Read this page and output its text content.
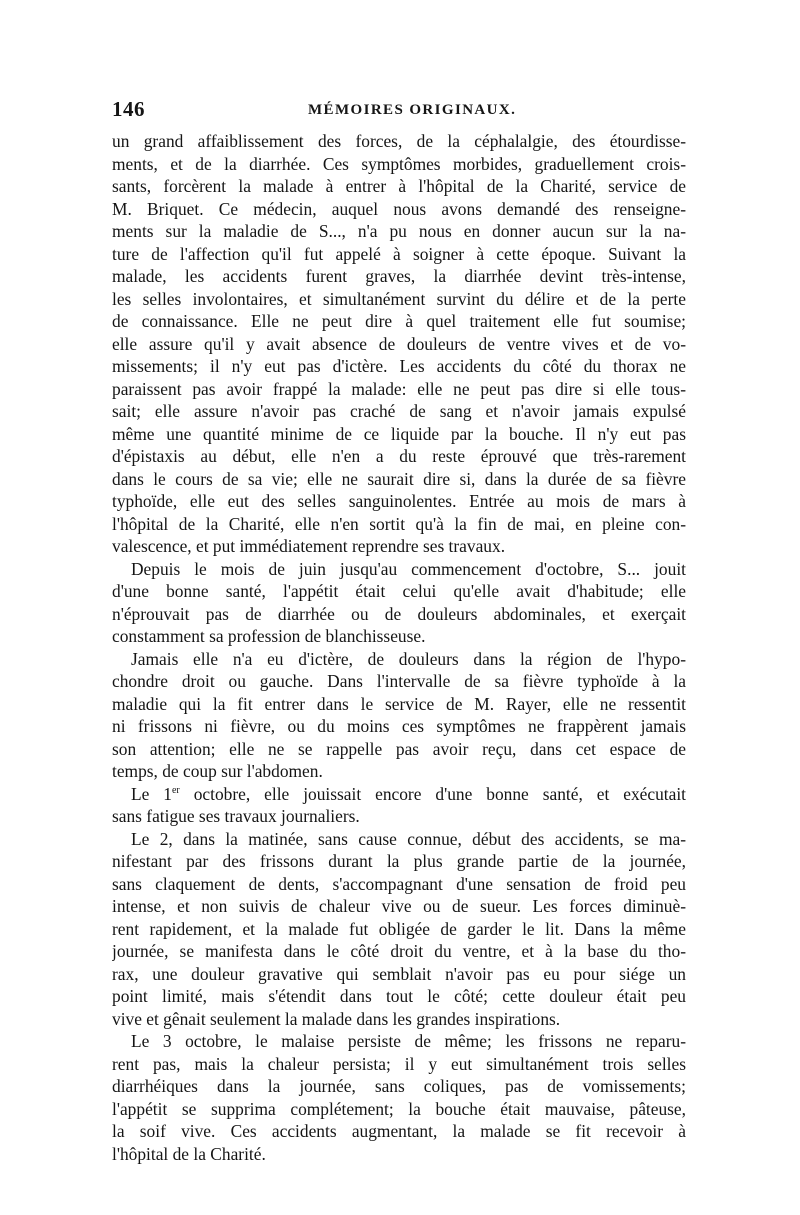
146	MÉMOIRES ORIGINAUX.

un grand affaiblissement des forces, de la céphalalgie, des étourdisse-
ments, et de la diarrhée. Ces symptômes morbides, graduellement crois-
sants, forcèrent la malade à entrer à l'hôpital de la Charité, service de
M. Briquet. Ce médecin, auquel nous avons demandé des renseigne-
ments sur la maladie de S..., n'a pu nous en donner aucun sur la na-
ture de l'affection qu'il fut appelé à soigner à cette époque. Suivant la
malade, les accidents furent graves, la diarrhée devint très-intense,
les selles involontaires, et simultanément survint du délire et de la perte
de connaissance. Elle ne peut dire à quel traitement elle fut soumise;
elle assure qu'il y avait absence de douleurs de ventre vives et de vo-
missements; il n'y eut pas d'ictère. Les accidents du côté du thorax ne
paraissent pas avoir frappé la malade: elle ne peut pas dire si elle tous-
sait; elle assure n'avoir pas craché de sang et n'avoir jamais expulsé
même une quantité minime de ce liquide par la bouche. Il n'y eut pas
d'épistaxis au début, elle n'en a du reste éprouvé que très-rarement
dans le cours de sa vie; elle ne saurait dire si, dans la durée de sa fièvre
typhoïde, elle eut des selles sanguinolentes. Entrée au mois de mars à
l'hôpital de la Charité, elle n'en sortit qu'à la fin de mai, en pleine con-
valescence, et put immédiatement reprendre ses travaux.

Depuis le mois de juin jusqu'au commencement d'octobre, S... jouit
d'une bonne santé, l'appétit était celui qu'elle avait d'habitude; elle
n'éprouvait pas de diarrhée ou de douleurs abdominales, et exerçait
constamment sa profession de blanchisseuse.

Jamais elle n'a eu d'ictère, de douleurs dans la région de l'hypo-
chondre droit ou gauche. Dans l'intervalle de sa fièvre typhoïde à la
maladie qui la fit entrer dans le service de M. Rayer, elle ne ressentit
ni frissons ni fièvre, ou du moins ces symptômes ne frappèrent jamais
son attention; elle ne se rappelle pas avoir reçu, dans cet espace de
temps, de coup sur l'abdomen.

Le 1er octobre, elle jouissait encore d'une bonne santé, et exécutait
sans fatigue ses travaux journaliers.

Le 2, dans la matinée, sans cause connue, début des accidents, se ma-
nifestant par des frissons durant la plus grande partie de la journée,
sans claquement de dents, s'accompagnant d'une sensation de froid peu
intense, et non suivis de chaleur vive ou de sueur. Les forces diminuè-
rent rapidement, et la malade fut obligée de garder le lit. Dans la même
journée, se manifesta dans le côté droit du ventre, et à la base du tho-
rax, une douleur gravative qui semblait n'avoir pas eu pour siége un
point limité, mais s'étendit dans tout le côté; cette douleur était peu
vive et gênait seulement la malade dans les grandes inspirations.

Le 3 octobre, le malaise persiste de même; les frissons ne reparu-
rent pas, mais la chaleur persista; il y eut simultanément trois selles
diarrhéiques dans la journée, sans coliques, pas de vomissements;
l'appétit se supprima complétement; la bouche était mauvaise, pâteuse,
la soif vive. Ces accidents augmentant, la malade se fit recevoir à
l'hôpital de la Charité.
